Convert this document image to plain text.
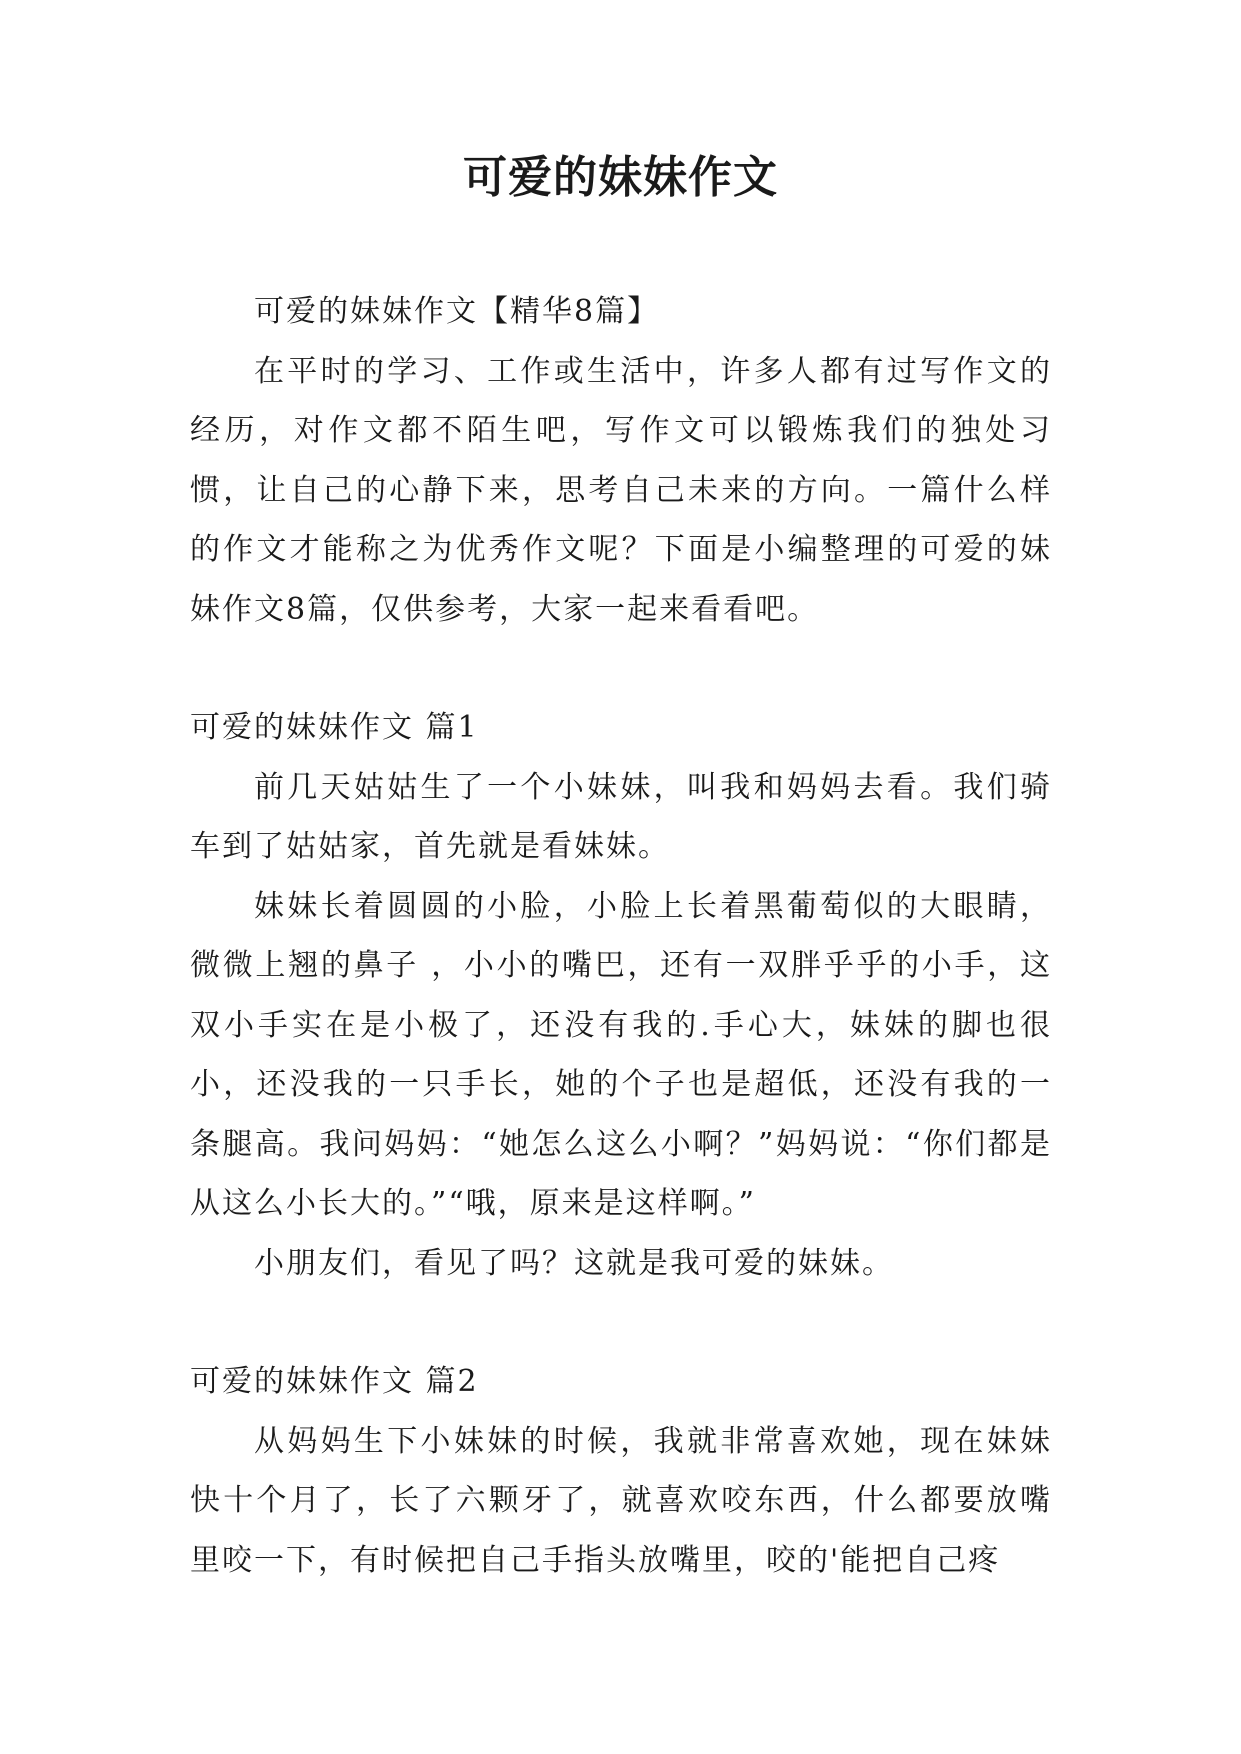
可爱的妹妹作文

可爱的妹妹作文【精华8篇】

在平时的学习、工作或生活中，许多人都有过写作文的经历，对作文都不陌生吧，写作文可以锻炼我们的独处习惯，让自己的心静下来，思考自己未来的方向。一篇什么样的作文才能称之为优秀作文呢？下面是小编整理的可爱的妹妹作文8篇，仅供参考，大家一起来看看吧。

可爱的妹妹作文 篇1

前几天姑姑生了一个小妹妹，叫我和妈妈去看。我们骑车到了姑姑家，首先就是看妹妹。

妹妹长着圆圆的小脸，小脸上长着黑葡萄似的大眼睛，微微上翘的鼻子 ，小小的嘴巴，还有一双胖乎乎的小手，这双小手实在是小极了，还没有我的.手心大，妹妹的脚也很小，还没我的一只手长，她的个子也是超低，还没有我的一条腿高。我问妈妈：“她怎么这么小啊？”妈妈说：“你们都是从这么小长大的。”“哦，原来是这样啊。”

小朋友们，看见了吗？这就是我可爱的妹妹。

可爱的妹妹作文 篇2

从妈妈生下小妹妹的时候，我就非常喜欢她，现在妹妹快十个月了，长了六颗牙了，就喜欢咬东西，什么都要放嘴里咬一下，有时候把自己手指头放嘴里，咬的'能把自己疼
